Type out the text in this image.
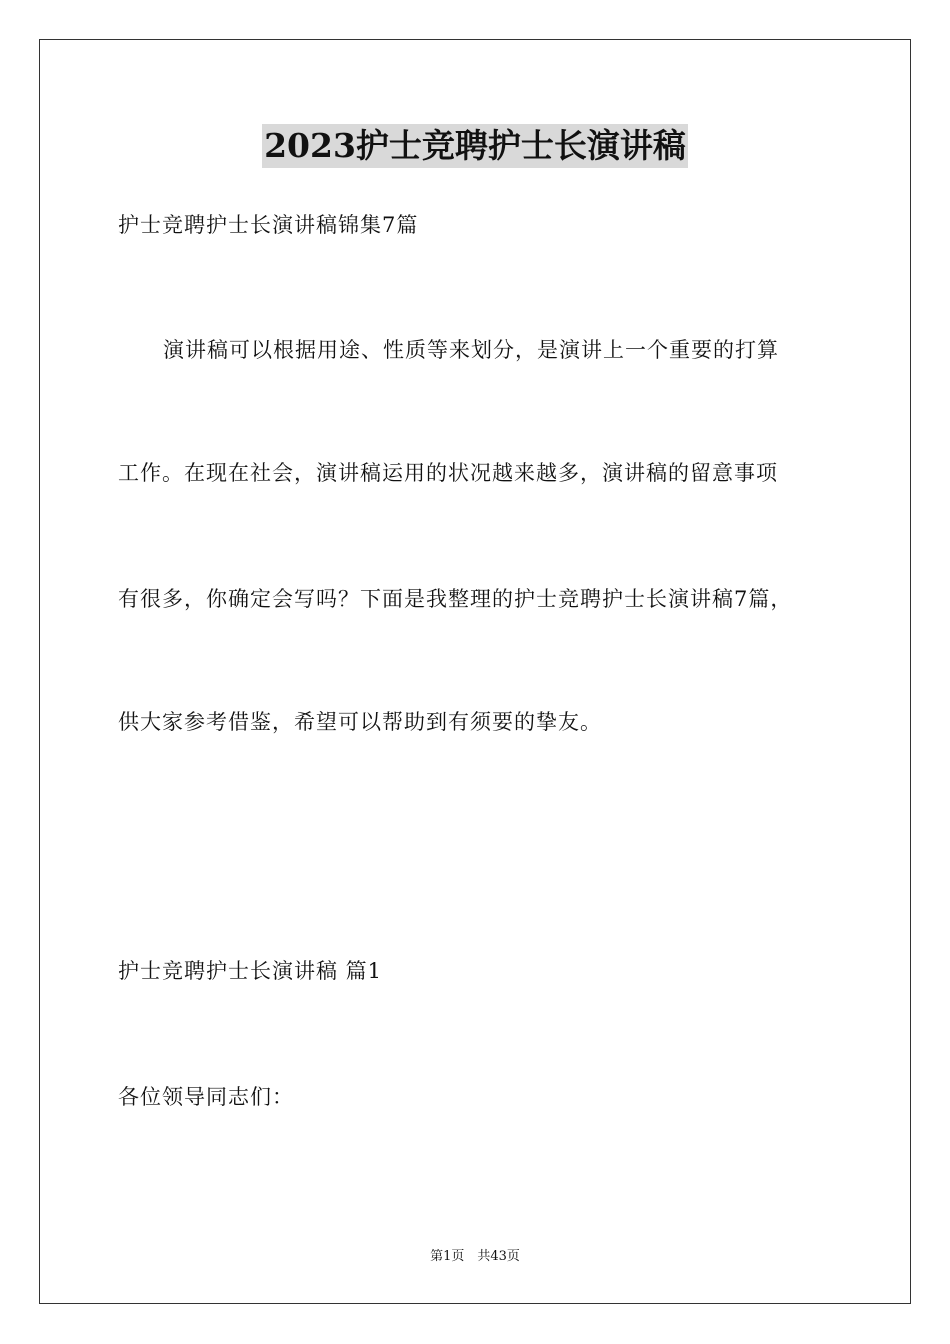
2023护士竞聘护士长演讲稿
护士竞聘护士长演讲稿锦集7篇
演讲稿可以根据用途、性质等来划分，是演讲上一个重要的打算
工作。在现在社会，演讲稿运用的状况越来越多，演讲稿的留意事项
有很多，你确定会写吗？下面是我整理的护士竞聘护士长演讲稿7篇，
供大家参考借鉴，希望可以帮助到有须要的挚友。
护士竞聘护士长演讲稿 篇1
各位领导同志们：
第1页　共43页
